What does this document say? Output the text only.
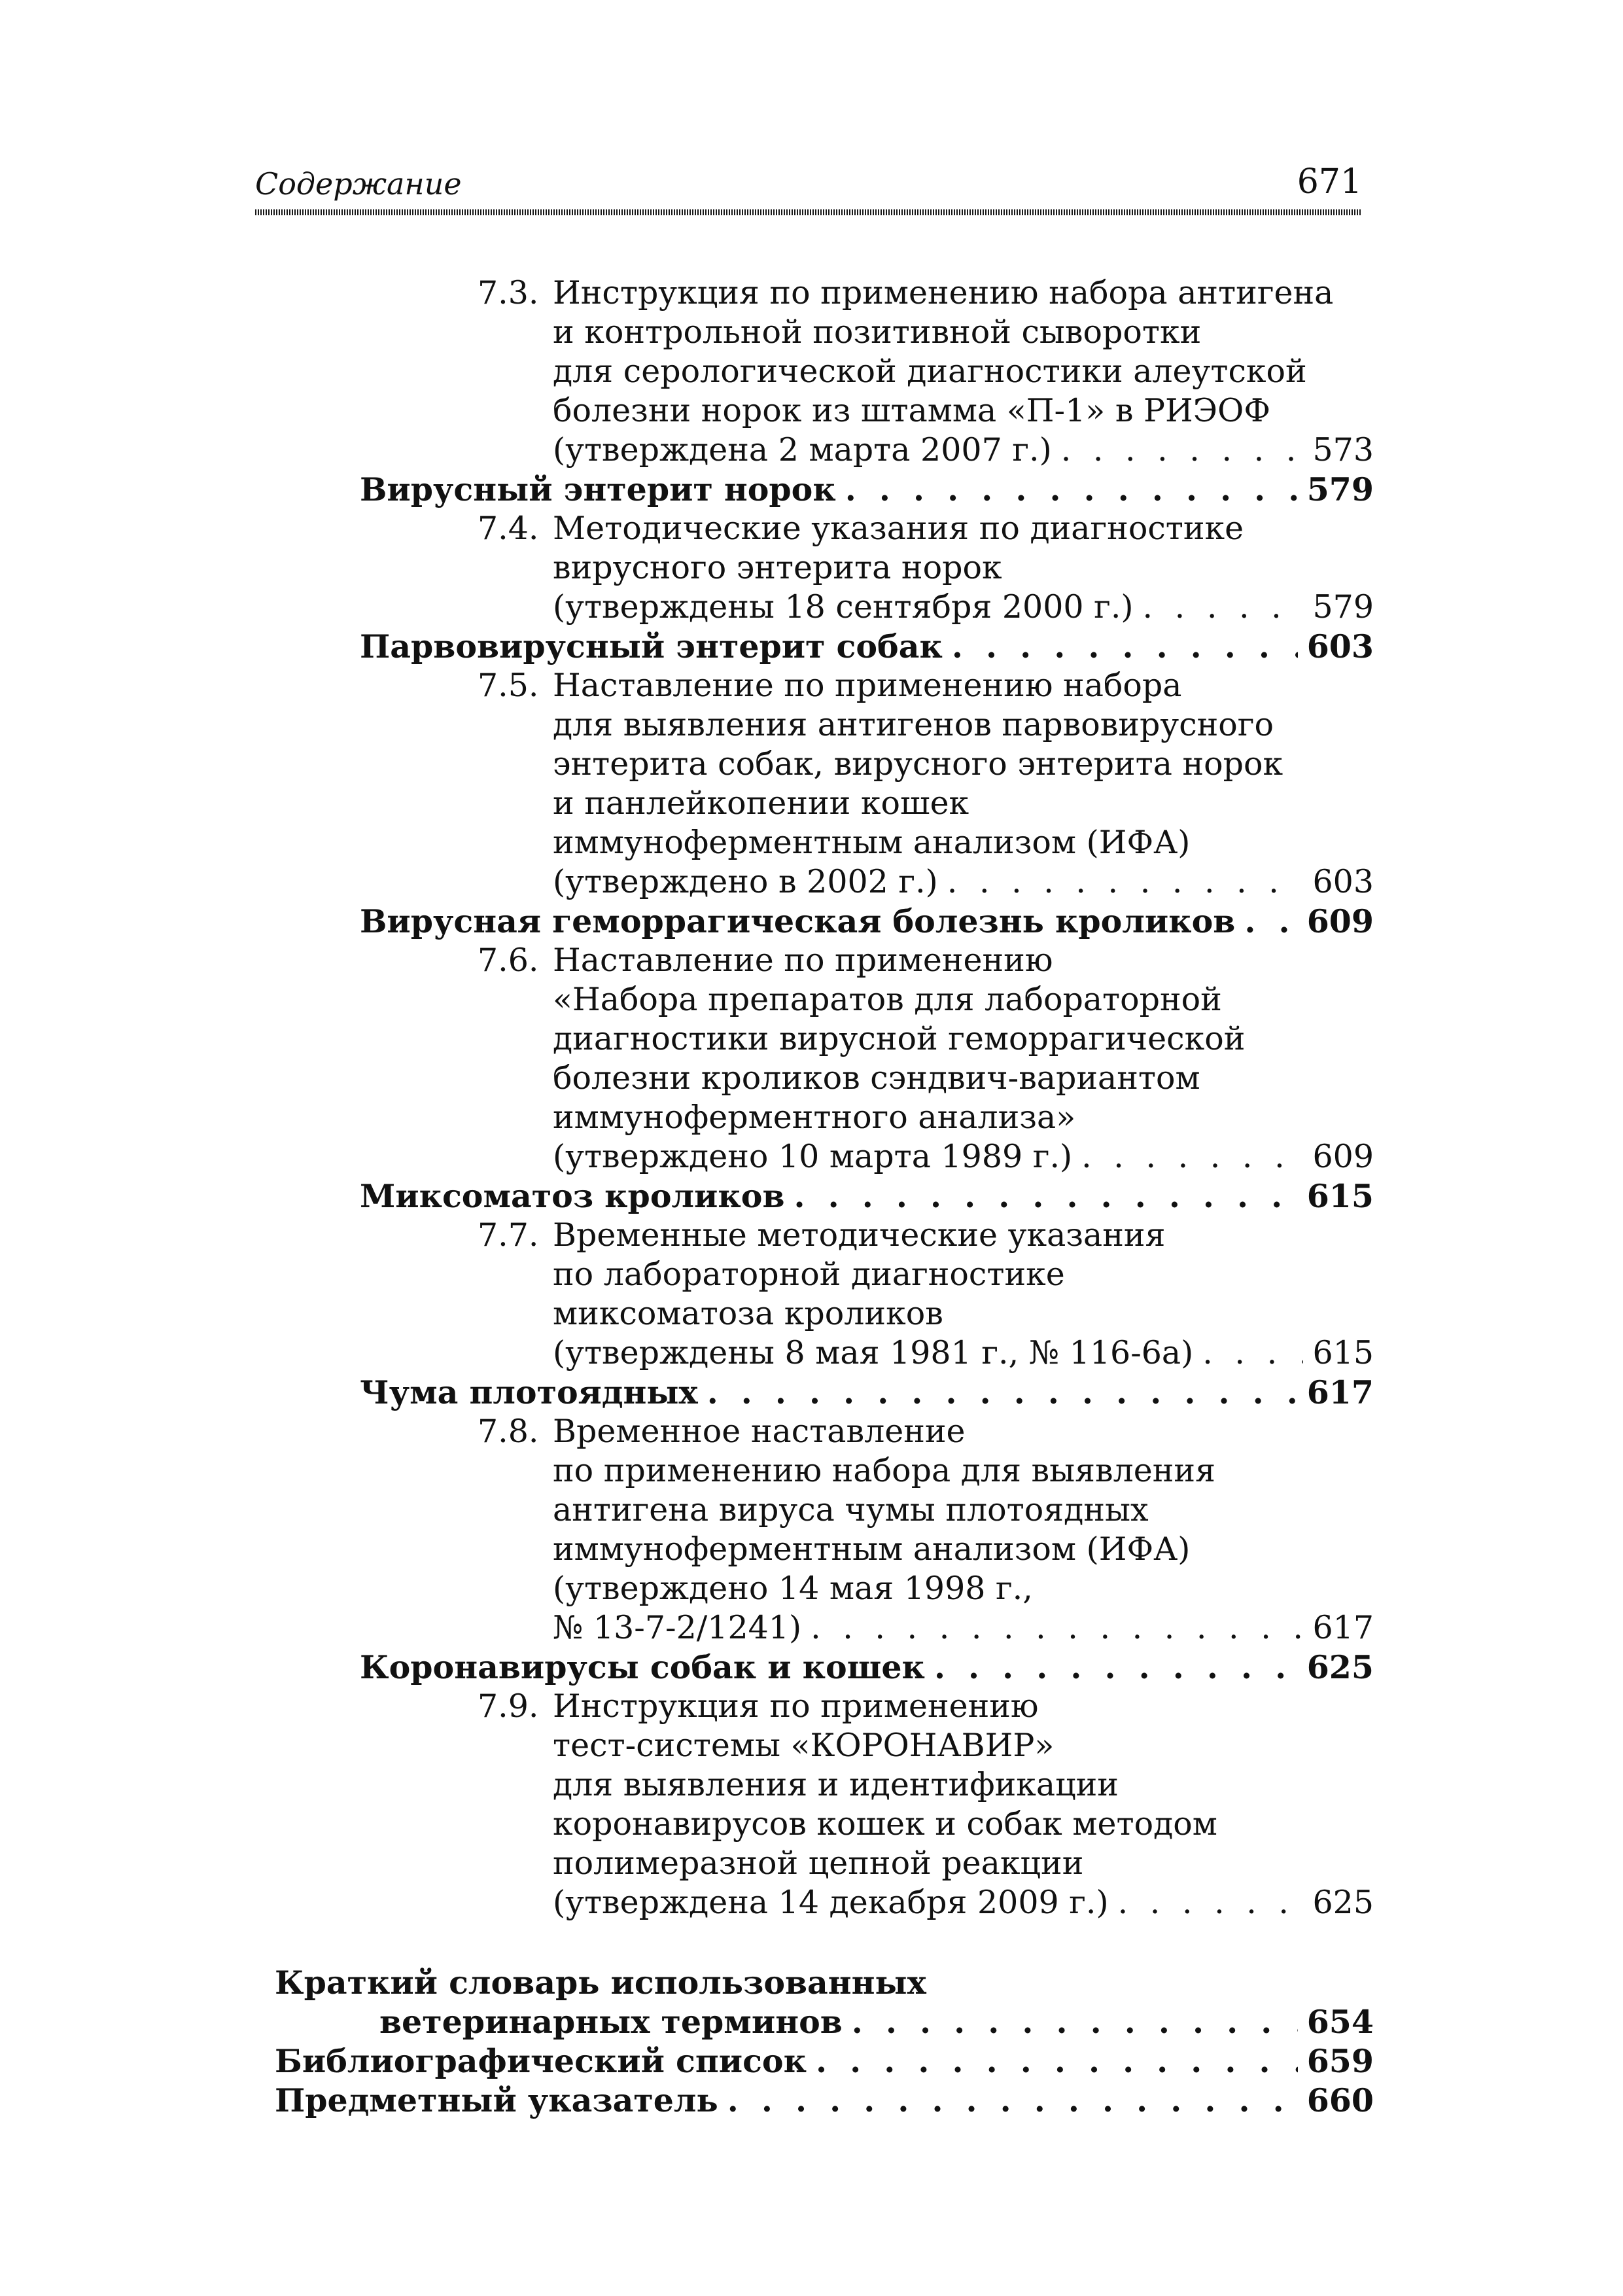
Содержание	671
7.3. Инструкция по применению набора антигена
и контрольной позитивной сыворотки
для серологической диагностики алеутской
болезни норок из штамма «П-1» в РИЭОФ
(утверждена 2 марта 2007 г.) . . .	573
Вирусный энтерит норок . . .	579
7.4. Методические указания по диагностике
вирусного энтерита норок
(утверждены 18 сентября 2000 г.) . . .	579
Парвовирусный энтерит собак . . .	603
7.5. Наставление по применению набора
для выявления антигенов парвовирусного
энтерита собак, вирусного энтерита норок
и панлейкопении кошек
иммуноферментным анализом (ИФА)
(утверждено в 2002 г.) . . .	603
Вирусная геморрагическая болезнь кроликов . . . 609
7.6. Наставление по применению
«Набора препаратов для лабораторной
диагностики вирусной геморрагической
болезни кроликов сэндвич-вариантом
иммуноферментного анализа»
(утверждено 10 марта 1989 г.) . . .	609
Миксоматоз кроликов . . .	615
7.7. Временные методические указания
по лабораторной диагностике
миксоматоза кроликов
(утверждены 8 мая 1981 г., № 116-6а) . . .	615
Чума плотоядных . . .	617
7.8. Временное наставление
по применению набора для выявления
антигена вируса чумы плотоядных
иммуноферментным анализом (ИФА)
(утверждено 14 мая 1998 г.,
№ 13-7-2/1241) . . .	617
Коронавирусы собак и кошек . . .	625
7.9. Инструкция по применению
тест-системы «КОРОНАВИР»
для выявления и идентификации
коронавирусов кошек и собак методом
полимеразной цепной реакции
(утверждена 14 декабря 2009 г.) . . .	625
Краткий словарь использованных
ветеринарных терминов . . .	654
Библиографический список . . .	659
Предметный указатель . . .	660
